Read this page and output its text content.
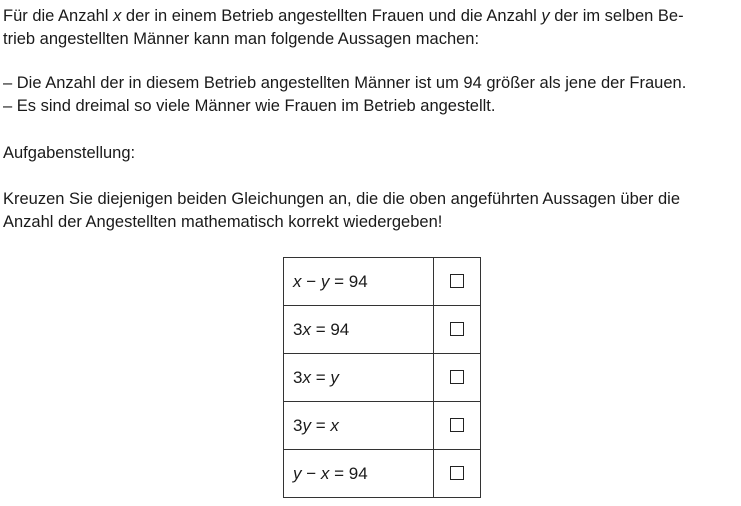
Für die Anzahl x der in einem Betrieb angestellten Frauen und die Anzahl y der im selben Be-
trieb angestellten Männer kann man folgende Aussagen machen:

– Die Anzahl der in diesem Betrieb angestellten Männer ist um 94 größer als jene der Frauen.
– Es sind dreimal so viele Männer wie Frauen im Betrieb angestellt.

Aufgabenstellung:

Kreuzen Sie diejenigen beiden Gleichungen an, die die oben angeführten Aussagen über die
Anzahl der Angestellten mathematisch korrekt wiedergeben!

x − y = 94	
3x = 94	
3x = y	
3y = x	
y − x = 94	
